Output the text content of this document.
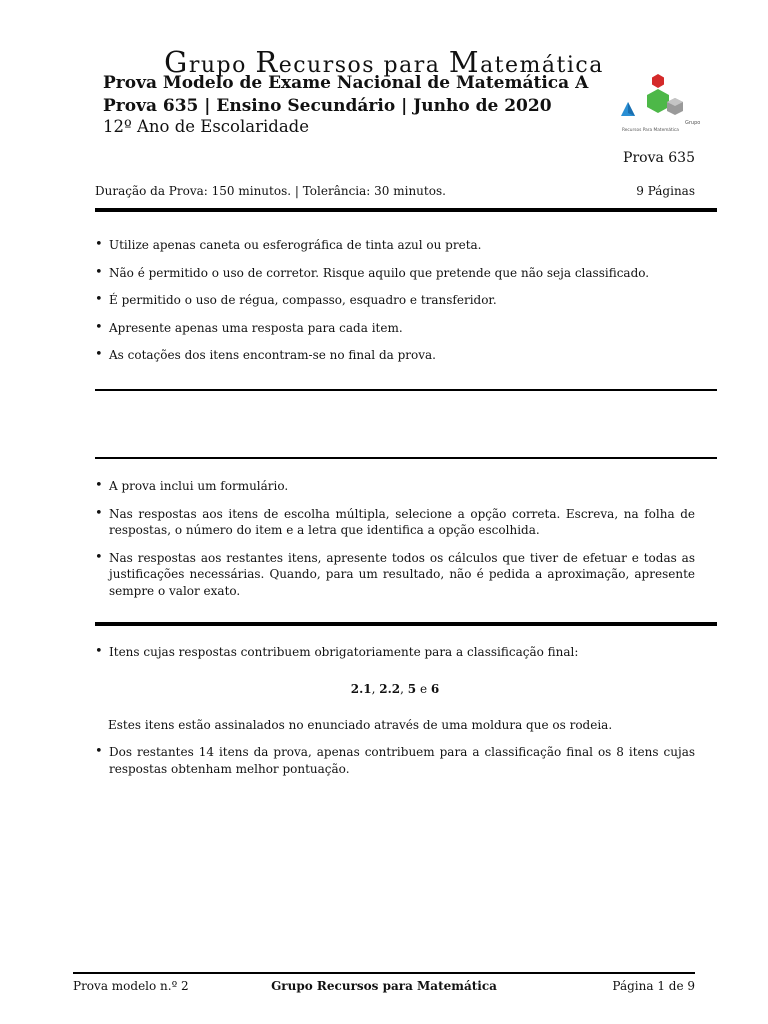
Grupo Recursos para Matemática
Prova Modelo de Exame Nacional de Matemática A
Prova 635 | Ensino Secundário | Junho de 2020
12º Ano de Escolaridade	Grupo
Recursos Para Matemática
Prova 635
Duração da Prova: 150 minutos. | Tolerância: 30 minutos.	9 Páginas
• Utilize apenas caneta ou esferográfica de tinta azul ou preta.
• Não é permitido o uso de corretor. Risque aquilo que pretende que não seja classificado.
• É permitido o uso de régua, compasso, esquadro e transferidor.
• Apresente apenas uma resposta para cada item.
• As cotações dos itens encontram-se no final da prova.
• A prova inclui um formulário.
• Nas respostas aos itens de escolha múltipla, selecione a opção correta. Escreva, na folha de respostas, o número do item e a letra que identifica a opção escolhida.
• Nas respostas aos restantes itens, apresente todos os cálculos que tiver de efetuar e todas as justificações necessárias. Quando, para um resultado, não é pedida a aproximação, apresente sempre o valor exato.
• Itens cujas respostas contribuem obrigatoriamente para a classificação final:
2.1, 2.2, 5 e 6
Estes itens estão assinalados no enunciado através de uma moldura que os rodeia.
• Dos restantes 14 itens da prova, apenas contribuem para a classificação final os 8 itens cujas respostas obtenham melhor pontuação.
Prova modelo n.º 2	Grupo Recursos para Matemática	Página 1 de 9
